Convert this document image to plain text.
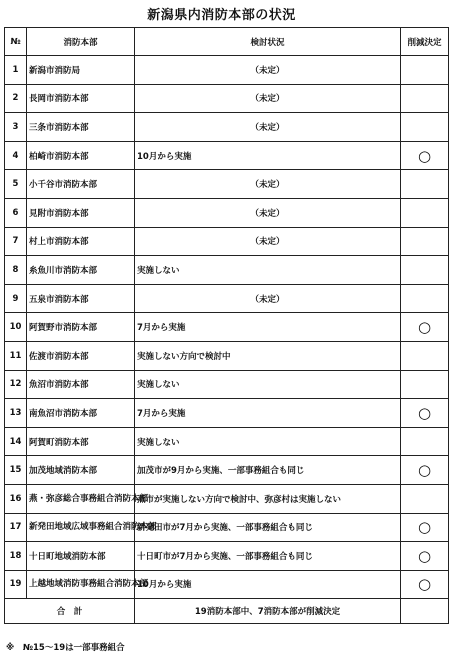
新潟県内消防本部の状況
№	消防本部	検討状況	削減決定
1	新潟市消防局	（未定）	
2	長岡市消防本部	（未定）	
3	三条市消防本部	（未定）	
4	柏崎市消防本部	10月から実施	○
5	小千谷市消防本部	（未定）	
6	見附市消防本部	（未定）	
7	村上市消防本部	（未定）	
8	糸魚川市消防本部	実施しない	
9	五泉市消防本部	（未定）	
10	阿賀野市消防本部	7月から実施	○
11	佐渡市消防本部	実施しない方向で検討中	
12	魚沼市消防本部	実施しない	
13	南魚沼市消防本部	7月から実施	○
14	阿賀町消防本部	実施しない	
15	加茂地域消防本部	加茂市が9月から実施、一部事務組合も同じ	○
16	燕・弥彦総合事務組合消防本部	燕市が実施しない方向で検討中、弥彦村は実施しない	
17	新発田地域広域事務組合消防本部	新発田市が7月から実施、一部事務組合も同じ	○
18	十日町地域消防本部	十日町市が7月から実施、一部事務組合も同じ	○
19	上越地域消防事務組合消防本部	10月から実施	○
合　計		19消防本部中、7消防本部が削減決定	
※　№15～19は一部事務組合
